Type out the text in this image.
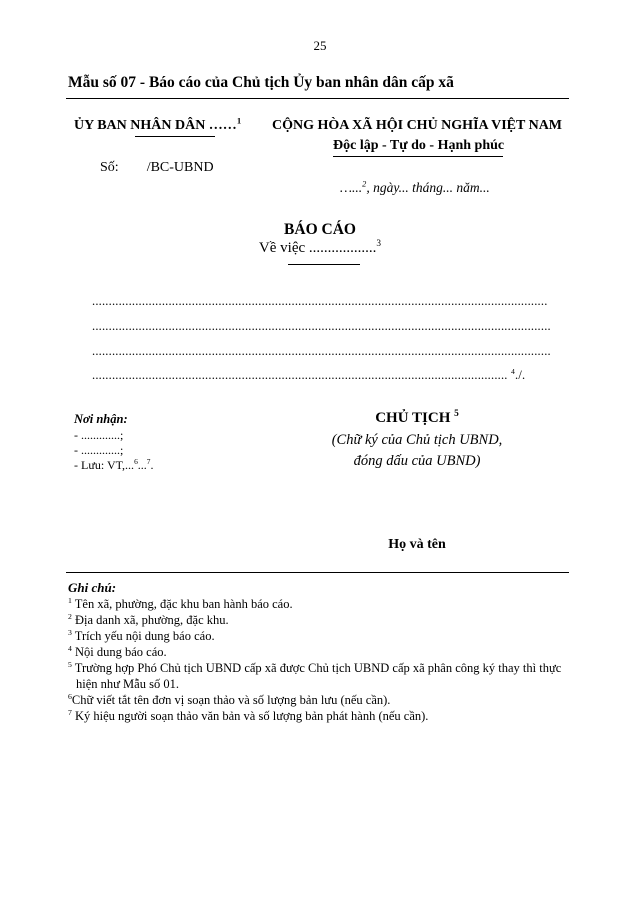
25
Mẫu số 07 - Báo cáo của Chủ tịch Ủy ban nhân dân cấp xã
ỦY BAN NHÂN DÂN ……$^1$ CỘNG HÒA XÃ HỘI CHỦ NGHĨA VIỆT NAM
Độc lập - Tự do - Hạnh phúc
Số: /BC-UBND
…...$^2$, ngày... tháng... năm...
BÁO CÁO
Về việc ..................$^3$
.........................................................................................................................................
..........................................................................................................................................
..........................................................................................................................................
............................................................................................................................. $^4$./.
Nơi nhận:
- .............;
- .............;
- Lưu: VT,...$^6$...$^7$.
CHỦ TỊCH $^5$
(Chữ ký của Chủ tịch UBND,
đóng dấu của UBND)
Họ và tên
Ghi chú:
$^1$ Tên xã, phường, đặc khu ban hành báo cáo.
$^2$ Địa danh xã, phường, đặc khu.
$^3$ Trích yếu nội dung báo cáo.
$^4$ Nội dung báo cáo.
$^5$ Trường hợp Phó Chủ tịch UBND cấp xã được Chủ tịch UBND cấp xã phân công ký thay thì thực
hiện như Mẫu số 01.
$^6$Chữ viết tắt tên đơn vị soạn thảo và số lượng bản lưu (nếu cần).
$^7$ Ký hiệu người soạn thảo văn bản và số lượng bản phát hành (nếu cần).
